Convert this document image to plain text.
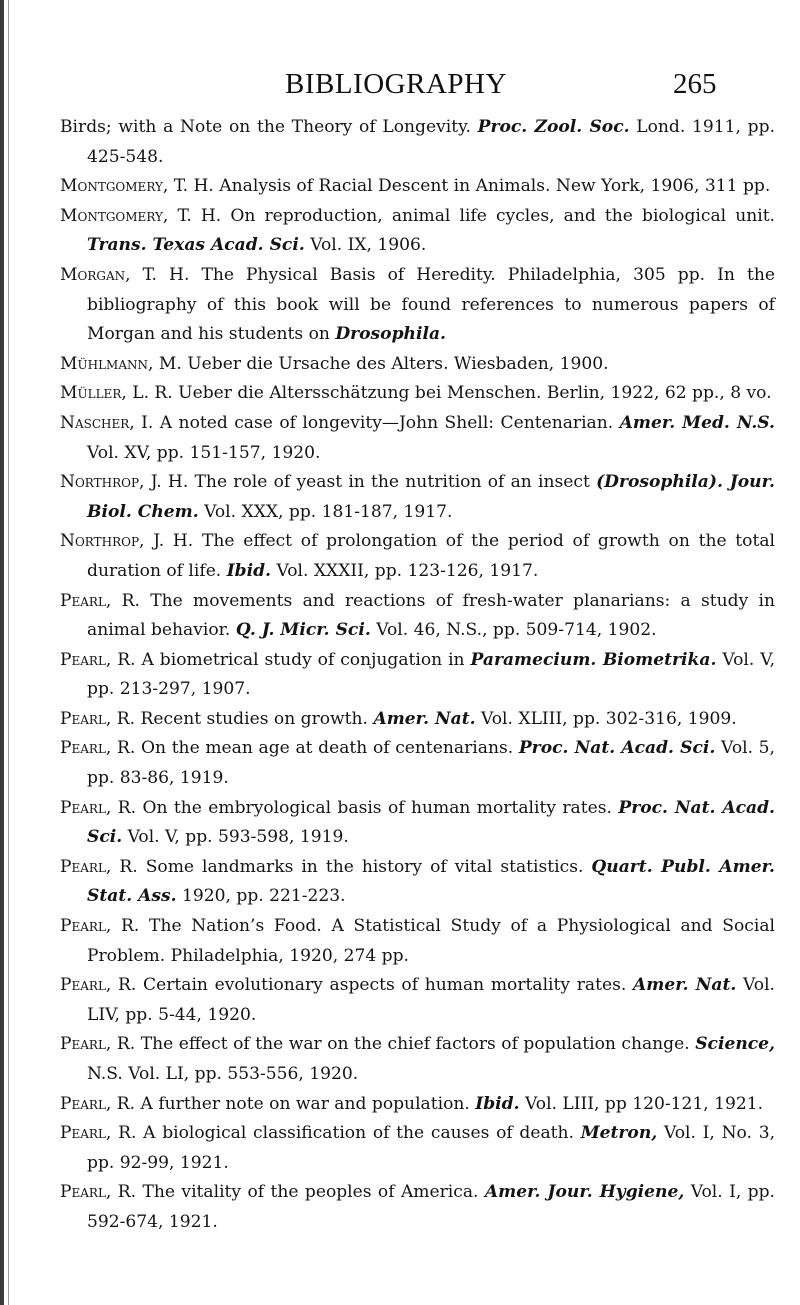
BIBLIOGRAPHY	265

Birds; with a Note on the Theory of Longevity. Proc. Zool. Soc. Lond. 1911, pp. 425-548.

Montgomery, T. H. Analysis of Racial Descent in Animals. New York, 1906, 311 pp.

Montgomery, T. H. On reproduction, animal life cycles, and the biological unit. Trans. Texas Acad. Sci. Vol. IX, 1906.

Morgan, T. H. The Physical Basis of Heredity. Philadelphia, 305 pp. In the bibliography of this book will be found references to numerous papers of Morgan and his students on Drosophila.

Mühlmann, M. Ueber die Ursache des Alters. Wiesbaden, 1900.

Müller, L. R. Ueber die Altersschätzung bei Menschen. Berlin, 1922, 62 pp., 8 vo.

Nascher, I. A noted case of longevity—John Shell: Centenarian. Amer. Med. N.S. Vol. XV, pp. 151-157, 1920.

Northrop, J. H. The role of yeast in the nutrition of an insect (Drosophila). Jour. Biol. Chem. Vol. XXX, pp. 181-187, 1917.

Northrop, J. H. The effect of prolongation of the period of growth on the total duration of life. Ibid. Vol. XXXII, pp. 123-126, 1917.

Pearl, R. The movements and reactions of fresh-water planarians: a study in animal behavior. Q. J. Micr. Sci. Vol. 46, N.S., pp. 509-714, 1902.

Pearl, R. A biometrical study of conjugation in Paramecium. Biometrika. Vol. V, pp. 213-297, 1907.

Pearl, R. Recent studies on growth. Amer. Nat. Vol. XLIII, pp. 302-316, 1909.

Pearl, R. On the mean age at death of centenarians. Proc. Nat. Acad. Sci. Vol. 5, pp. 83-86, 1919.

Pearl, R. On the embryological basis of human mortality rates. Proc. Nat. Acad. Sci. Vol. V, pp. 593-598, 1919.

Pearl, R. Some landmarks in the history of vital statistics. Quart. Publ. Amer. Stat. Ass. 1920, pp. 221-223.

Pearl, R. The Nation’s Food. A Statistical Study of a Physiological and Social Problem. Philadelphia, 1920, 274 pp.

Pearl, R. Certain evolutionary aspects of human mortality rates. Amer. Nat. Vol. LIV, pp. 5-44, 1920.

Pearl, R. The effect of the war on the chief factors of population change. Science, N.S. Vol. LI, pp. 553-556, 1920.

Pearl, R. A further note on war and population. Ibid. Vol. LIII, pp 120-121, 1921.

Pearl, R. A biological classification of the causes of death. Metron, Vol. I, No. 3, pp. 92-99, 1921.

Pearl, R. The vitality of the peoples of America. Amer. Jour. Hygiene, Vol. I, pp. 592-674, 1921.
